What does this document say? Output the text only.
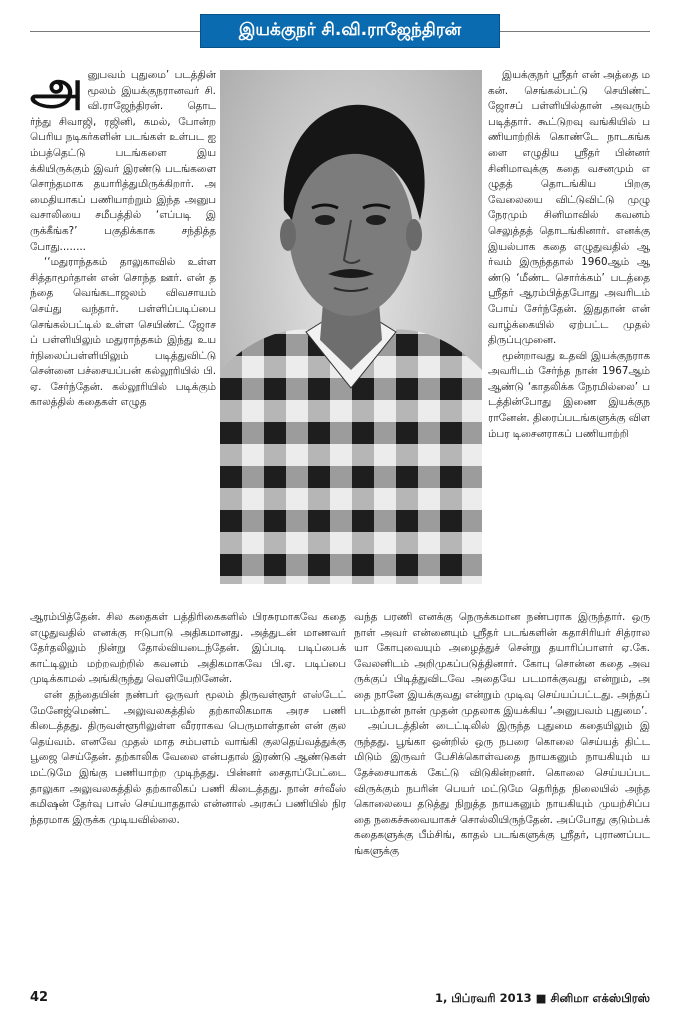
இயக்குநர் சி.வி.ராஜேந்திரன்
அ னுபவம் புதுமை’ படத்தின் மூலம் இயக்குநரானவர் சி.வி.ராஜேந்திரன். தொடர்ந்து சிவாஜி, ரஜினி, கமல், போன்ற பெரிய நடிகர்களின் படங்கள் உள்பட ஐம்பத்தெட்டு படங்களை இயக்கியிருக்கும் இவர் இரண்டு படங்களை சொந்தமாக தயாரித்துமிருக்கிறார். அமைதியாகப் பணியாற்றும் இந்த அனுபவசாலியை சமீபத்தில் ‘எப்படி இருக்கீங்க?’ பகுதிக்காக சந்தித்தபோது........

‘‘மதுராந்தகம் தாலுகாவில் உள்ள சித்தாமூர்தான் என் சொந்த ஊர். என் தந்தை வெங்கடாஜலம் விவசாயம் செய்து வந்தார். பள்ளிப்படிப்பை செங்கல்பட்டில் உள்ள செயிண்ட் ஜோசப் பள்ளியிலும் மதுராந்தகம் இந்து உயர்நிலைப்பள்ளியிலும் படித்துவிட்டு சென்னை பச்சையப்பன் கல்லூரியில் பி.ஏ. சேர்ந்தேன். கல்லூரியில் படிக்கும் காலத்தில் கதைகள் எழுத

இயக்குநர் ஸ்ரீதர் என் அத்தை மகன். செங்கல்பட்டு செயிண்ட் ஜோசப் பள்ளியில்தான் அவரும் படித்தார். கூட்டுறவு வங்கியில் பணியாற்றிக் கொண்டே நாடகங்களை எழுதிய ஸ்ரீதர் பின்னர் சினிமாவுக்கு கதை வசனமும் எழுதத் தொடங்கிய பிறகு வேலையை விட்டுவிட்டு முழு நேரமும் சினிமாவில் கவனம் செலுத்தத் தொடங்கினார். எனக்கு இயல்பாக கதை எழுதுவதில் ஆர்வம் இருந்ததால் 1960ஆம் ஆண்டு ‘மீண்ட சொர்க்கம்’ படத்தை ஸ்ரீதர் ஆரம்பித்தபோது அவரிடம் போய் சேர்ந்தேன். இதுதான் என் வாழ்க்கையில் ஏற்பட்ட முதல் திருப்புமுனை.

மூன்றாவது உதவி இயக்குநராக அவரிடம் சேர்ந்த நான் 1967ஆம் ஆண்டு ‘காதலிக்க நேரமில்லை’ படத்தின்போது இணை இயக்குநரானேன். திரைப்படங்களுக்கு விளம்பர டிசைனராகப் பணியாற்றி

ஆரம்பித்தேன். சில கதைகள் பத்திரிகைகளில் பிரசுரமாகவே கதை எழுதுவதில் எனக்கு ஈடுபாடு அதிகமானது. அத்துடன் மாணவர் தேர்தலிலும் நின்று தோல்வியடைந்தேன். இப்படி படிப்பைக் காட்டிலும் மற்றவற்றில் கவனம் அதிகமாகவே பி.ஏ. படிப்பை முடிக்காமல் அங்கிருந்து வெளியேறினேன்.

என் தந்தையின் நண்பர் ஒருவர் மூலம் திருவள்ளூர் எஸ்டேட் மேனேஜ்மெண்ட் அலுவலகத்தில் தற்காலிகமாக அரச பணி கிடைத்தது. திருவள்ளூரிலுள்ள வீரராகவ பெருமாள்தான் என் குலதெய்வம். எனவே முதல் மாத சம்பளம் வாங்கி குலதெய்வத்துக்கு பூஜை செய்தேன். தற்காலிக வேலை என்பதால் இரண்டு ஆண்டுகள் மட்டுமே இங்கு பணியாற்ற முடிந்தது. பின்னர் சைதாப்பேட்டை தாலுகா அலுவலகத்தில் தற்காலிகப் பணி கிடைத்தது. நான் சர்வீஸ் கமிஷன் தேர்வு பாஸ் செய்யாததால் என்னால் அரசுப் பணியில் நிரந்தரமாக இருக்க முடியவில்லை.

வந்த பரணி எனக்கு நெருக்கமான நண்பராக இருந்தார். ஒரு நாள் அவர் என்னையும் ஸ்ரீதர் படங்களின் கதாசிரியர் சித்ராலயா கோபுவையும் அழைத்துச் சென்று தயாரிப்பாளர் ஏ.கே.வேலனிடம் அறிமுகப்படுத்தினார். கோபு சொன்ன கதை அவருக்குப் பிடித்துவிடவே அதையே படமாக்குவது என்றும், அதை நானே இயக்குவது என்றும் முடிவு செய்யப்பட்டது. அந்தப் படம்தான் நான் முதன் முதலாக இயக்கிய ‘அனுபவம் புதுமை’.

அப்படத்தின் டைட்டிலில் இருந்த புதுமை கதையிலும் இருந்தது. பூங்கா ஒன்றில் ஒரு நபரை கொலை செய்யத் திட்டமிடும் இருவர் பேசிக்கொள்வதை நாயகனும் நாயகியும் யதேச்சையாகக் கேட்டு விடுகின்றனர். கொலை செய்யப்படவிருக்கும் நபரின் பெயர் மட்டுமே தெரிந்த நிலையில் அந்த கொலையை தடுத்து நிறுத்த நாயகனும் நாயகியும் முயற்சிப்பதை நகைச்சுவையாகச் சொல்லியிருந்தேன். அப்போது குடும்பக் கதைகளுக்கு பீம்சிங், காதல் படங்களுக்கு ஸ்ரீதர், புராணப்படங்களுக்கு

42	1, பிப்ரவரி 2013 ■ சினிமா எக்ஸ்பிரஸ்
